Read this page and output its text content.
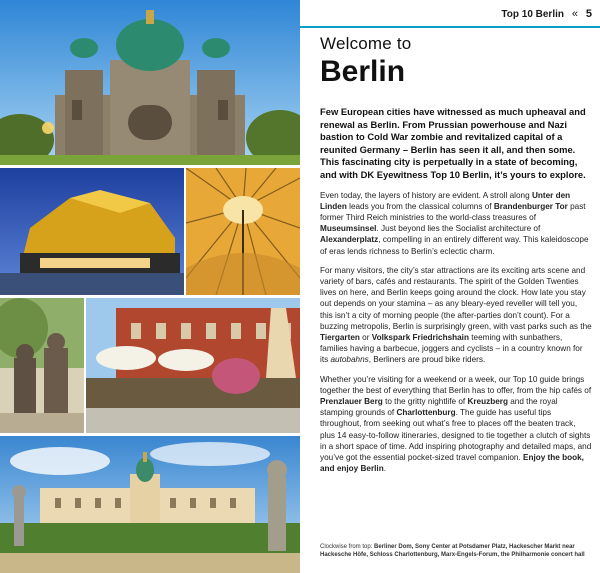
Top 10 Berlin « 5
Welcome to
Berlin

Few European cities have witnessed as much upheaval and renewal as Berlin. From Prussian powerhouse and Nazi bastion to Cold War zombie and revitalized capital of a reunited Germany – Berlin has seen it all, and then some. This fascinating city is perpetually in a state of becoming, and with DK Eyewitness Top 10 Berlin, it’s yours to explore.

Even today, the layers of history are evident. A stroll along Unter den Linden leads you from the classical columns of Brandenburger Tor past former Third Reich ministries to the world-class treasures of Museumsinsel. Just beyond lies the Socialist architecture of Alexanderplatz, compelling in an entirely different way. This kaleidoscope of eras lends richness to Berlin’s eclectic charm.

For many visitors, the city’s star attractions are its exciting arts scene and variety of bars, cafés and restaurants. The spirit of the Golden Twenties lives on here, and Berlin keeps going around the clock. How late you stay out depends on your stamina – as any bleary-eyed reveller will tell you, this isn’t a city of morning people (the after-parties don’t count). For a buzzing metropolis, Berlin is surprisingly green, with vast parks such as the Tiergarten or Volkspark Friedrichshain teeming with sunbathers, families having a barbecue, joggers and cyclists – in a country known for its autobahns, Berliners are proud bike riders.

Whether you’re visiting for a weekend or a week, our Top 10 guide brings together the best of everything that Berlin has to offer, from the hip cafés of Prenzlauer Berg to the gritty nightlife of Kreuzberg and the royal stamping grounds of Charlottenburg. The guide has useful tips throughout, from seeking out what’s free to places off the beaten track, plus 14 easy-to-follow itineraries, designed to tie together a clutch of sights in a short space of time. Add inspiring photography and detailed maps, and you’ve got the essential pocket-sized travel companion. Enjoy the book, and enjoy Berlin.

Clockwise from top: Berliner Dom, Sony Center at Potsdamer Platz, Hackescher Markt near Hackesche Höfe, Schloss Charlottenburg, Marx-Engels-Forum, the Philharmonie concert hall
